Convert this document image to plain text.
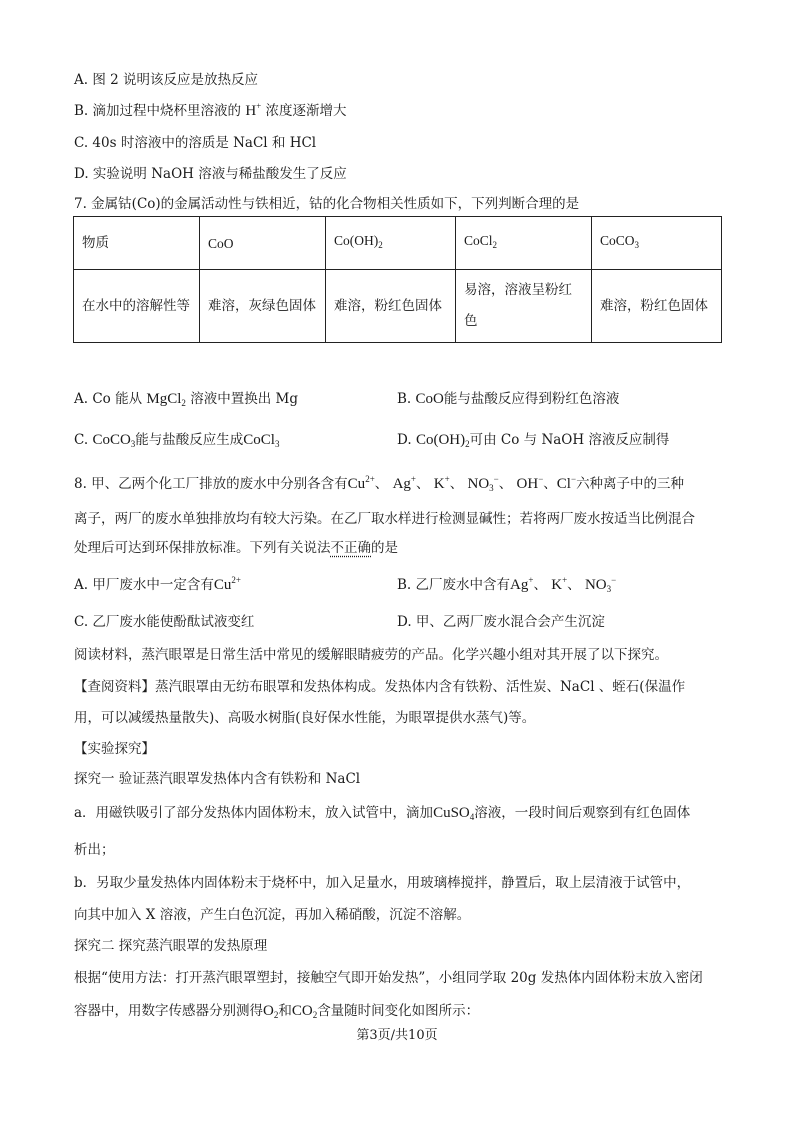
A. 图 2 说明该反应是放热反应
B. 滴加过程中烧杯里溶液的 H+ 浓度逐渐增大
C. 40s 时溶液中的溶质是 NaCl 和 HCl
D. 实验说明 NaOH 溶液与稀盐酸发生了反应
7. 金属钴(Co)的金属活动性与铁相近，钴的化合物相关性质如下，下列判断合理的是
物质	CoO	$Co(OH)_2$	CoCl$_2$	CoCO$_3$
在水中的溶解性等	难溶，灰绿色固体	难溶，粉红色固体	易溶，溶液呈粉红色	难溶，粉红色固体
A. Co 能从 MgCl$_2$ 溶液中置换出 Mg	B. CoO能与盐酸反应得到粉红色溶液
C. CoCO$_3$能与盐酸反应生成CoCl$_3$	D. $Co(OH)_2$可由 Co 与 NaOH 溶液反应制得
8. 甲、乙两个化工厂排放的废水中分别各含有$Cu^{2+}$、 Ag+、 K+、 $NO_3^-$、 OH−、Cl−六种离子中的三种
离子，两厂的废水单独排放均有较大污染。在乙厂取水样进行检测显碱性；若将两厂废水按适当比例混合
处理后可达到环保排放标准。下列有关说法不正确的是
A. 甲厂废水中一定含有$Cu^{2+}$	B. 乙厂废水中含有Ag+、 K+、 $NO_3^-$
C. 乙厂废水能使酚酞试液变红	D. 甲、乙两厂废水混合会产生沉淀
阅读材料，蒸汽眼罩是日常生活中常见的缓解眼睛疲劳的产品。化学兴趣小组对其开展了以下探究。
【查阅资料】蒸汽眼罩由无纺布眼罩和发热体构成。发热体内含有铁粉、活性炭、NaCl 、蛭石(保温作
用，可以减缓热量散失)、高吸水树脂(良好保水性能，为眼罩提供水蒸气)等。
【实验探究】
探究一 验证蒸汽眼罩发热体内含有铁粉和 NaCl
a．用磁铁吸引了部分发热体内固体粉末，放入试管中，滴加CuSO$_4$溶液，一段时间后观察到有红色固体
析出；
b．另取少量发热体内固体粉末于烧杯中，加入足量水，用玻璃棒搅拌，静置后，取上层清液于试管中，
向其中加入 X 溶液，产生白色沉淀，再加入稀硝酸，沉淀不溶解。
探究二 探究蒸汽眼罩的发热原理
根据“使用方法：打开蒸汽眼罩塑封，接触空气即开始发热”，小组同学取 20g 发热体内固体粉末放入密闭
容器中，用数字传感器分别测得$O_2$和$CO_2$含量随时间变化如图所示：
第3页/共10页
